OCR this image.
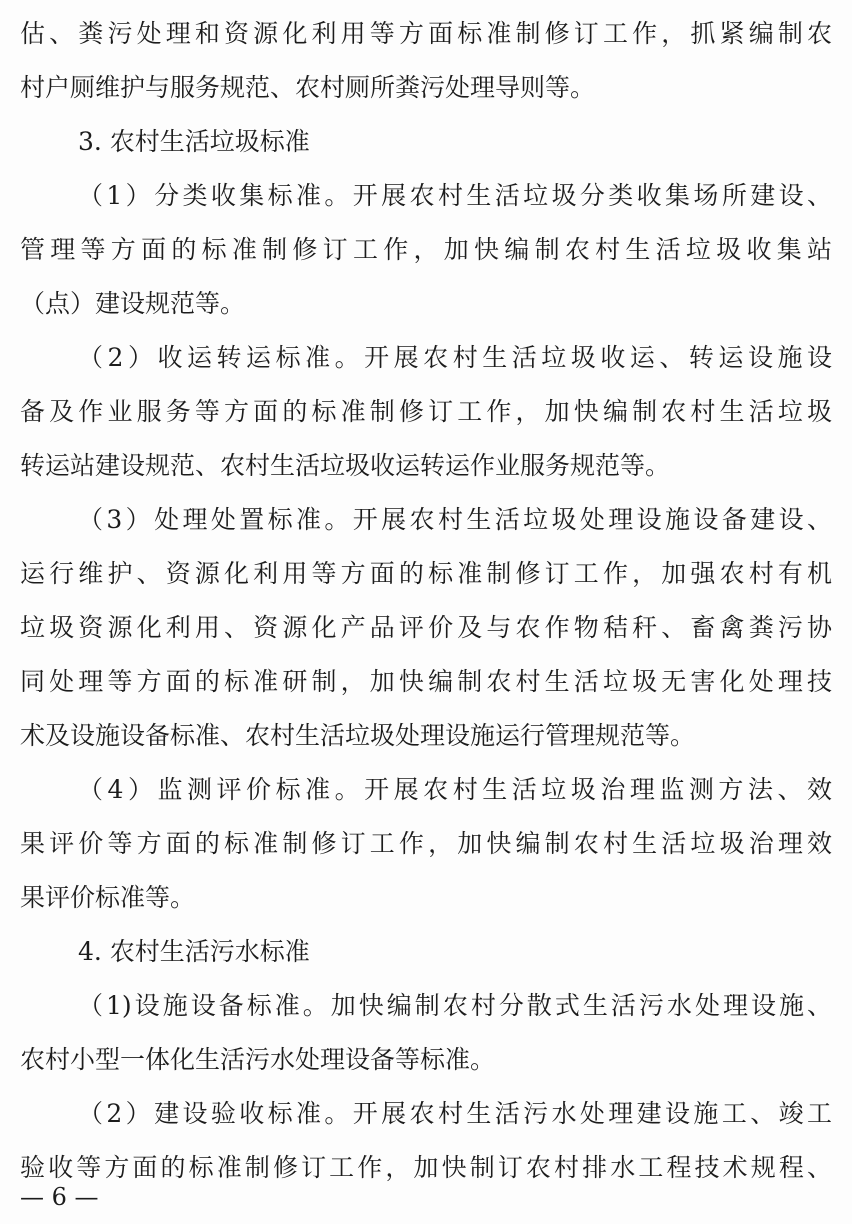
估、粪污处理和资源化利用等方面标准制修订工作，抓紧编制农
村户厕维护与服务规范、农村厕所粪污处理导则等。
3. 农村生活垃圾标准
（1）分类收集标准。开展农村生活垃圾分类收集场所建设、
管理等方面的标准制修订工作，加快编制农村生活垃圾收集站
（点）建设规范等。
（2）收运转运标准。开展农村生活垃圾收运、转运设施设
备及作业服务等方面的标准制修订工作，加快编制农村生活垃圾
转运站建设规范、农村生活垃圾收运转运作业服务规范等。
（3）处理处置标准。开展农村生活垃圾处理设施设备建设、
运行维护、资源化利用等方面的标准制修订工作，加强农村有机
垃圾资源化利用、资源化产品评价及与农作物秸秆、畜禽粪污协
同处理等方面的标准研制，加快编制农村生活垃圾无害化处理技
术及设施设备标准、农村生活垃圾处理设施运行管理规范等。
（4）监测评价标准。开展农村生活垃圾治理监测方法、效
果评价等方面的标准制修订工作，加快编制农村生活垃圾治理效
果评价标准等。
4. 农村生活污水标准
（1)设施设备标准。加快编制农村分散式生活污水处理设施、
农村小型一体化生活污水处理设备等标准。
（2）建设验收标准。开展农村生活污水处理建设施工、竣工
验收等方面的标准制修订工作，加快制订农村排水工程技术规程、
— 6 —
